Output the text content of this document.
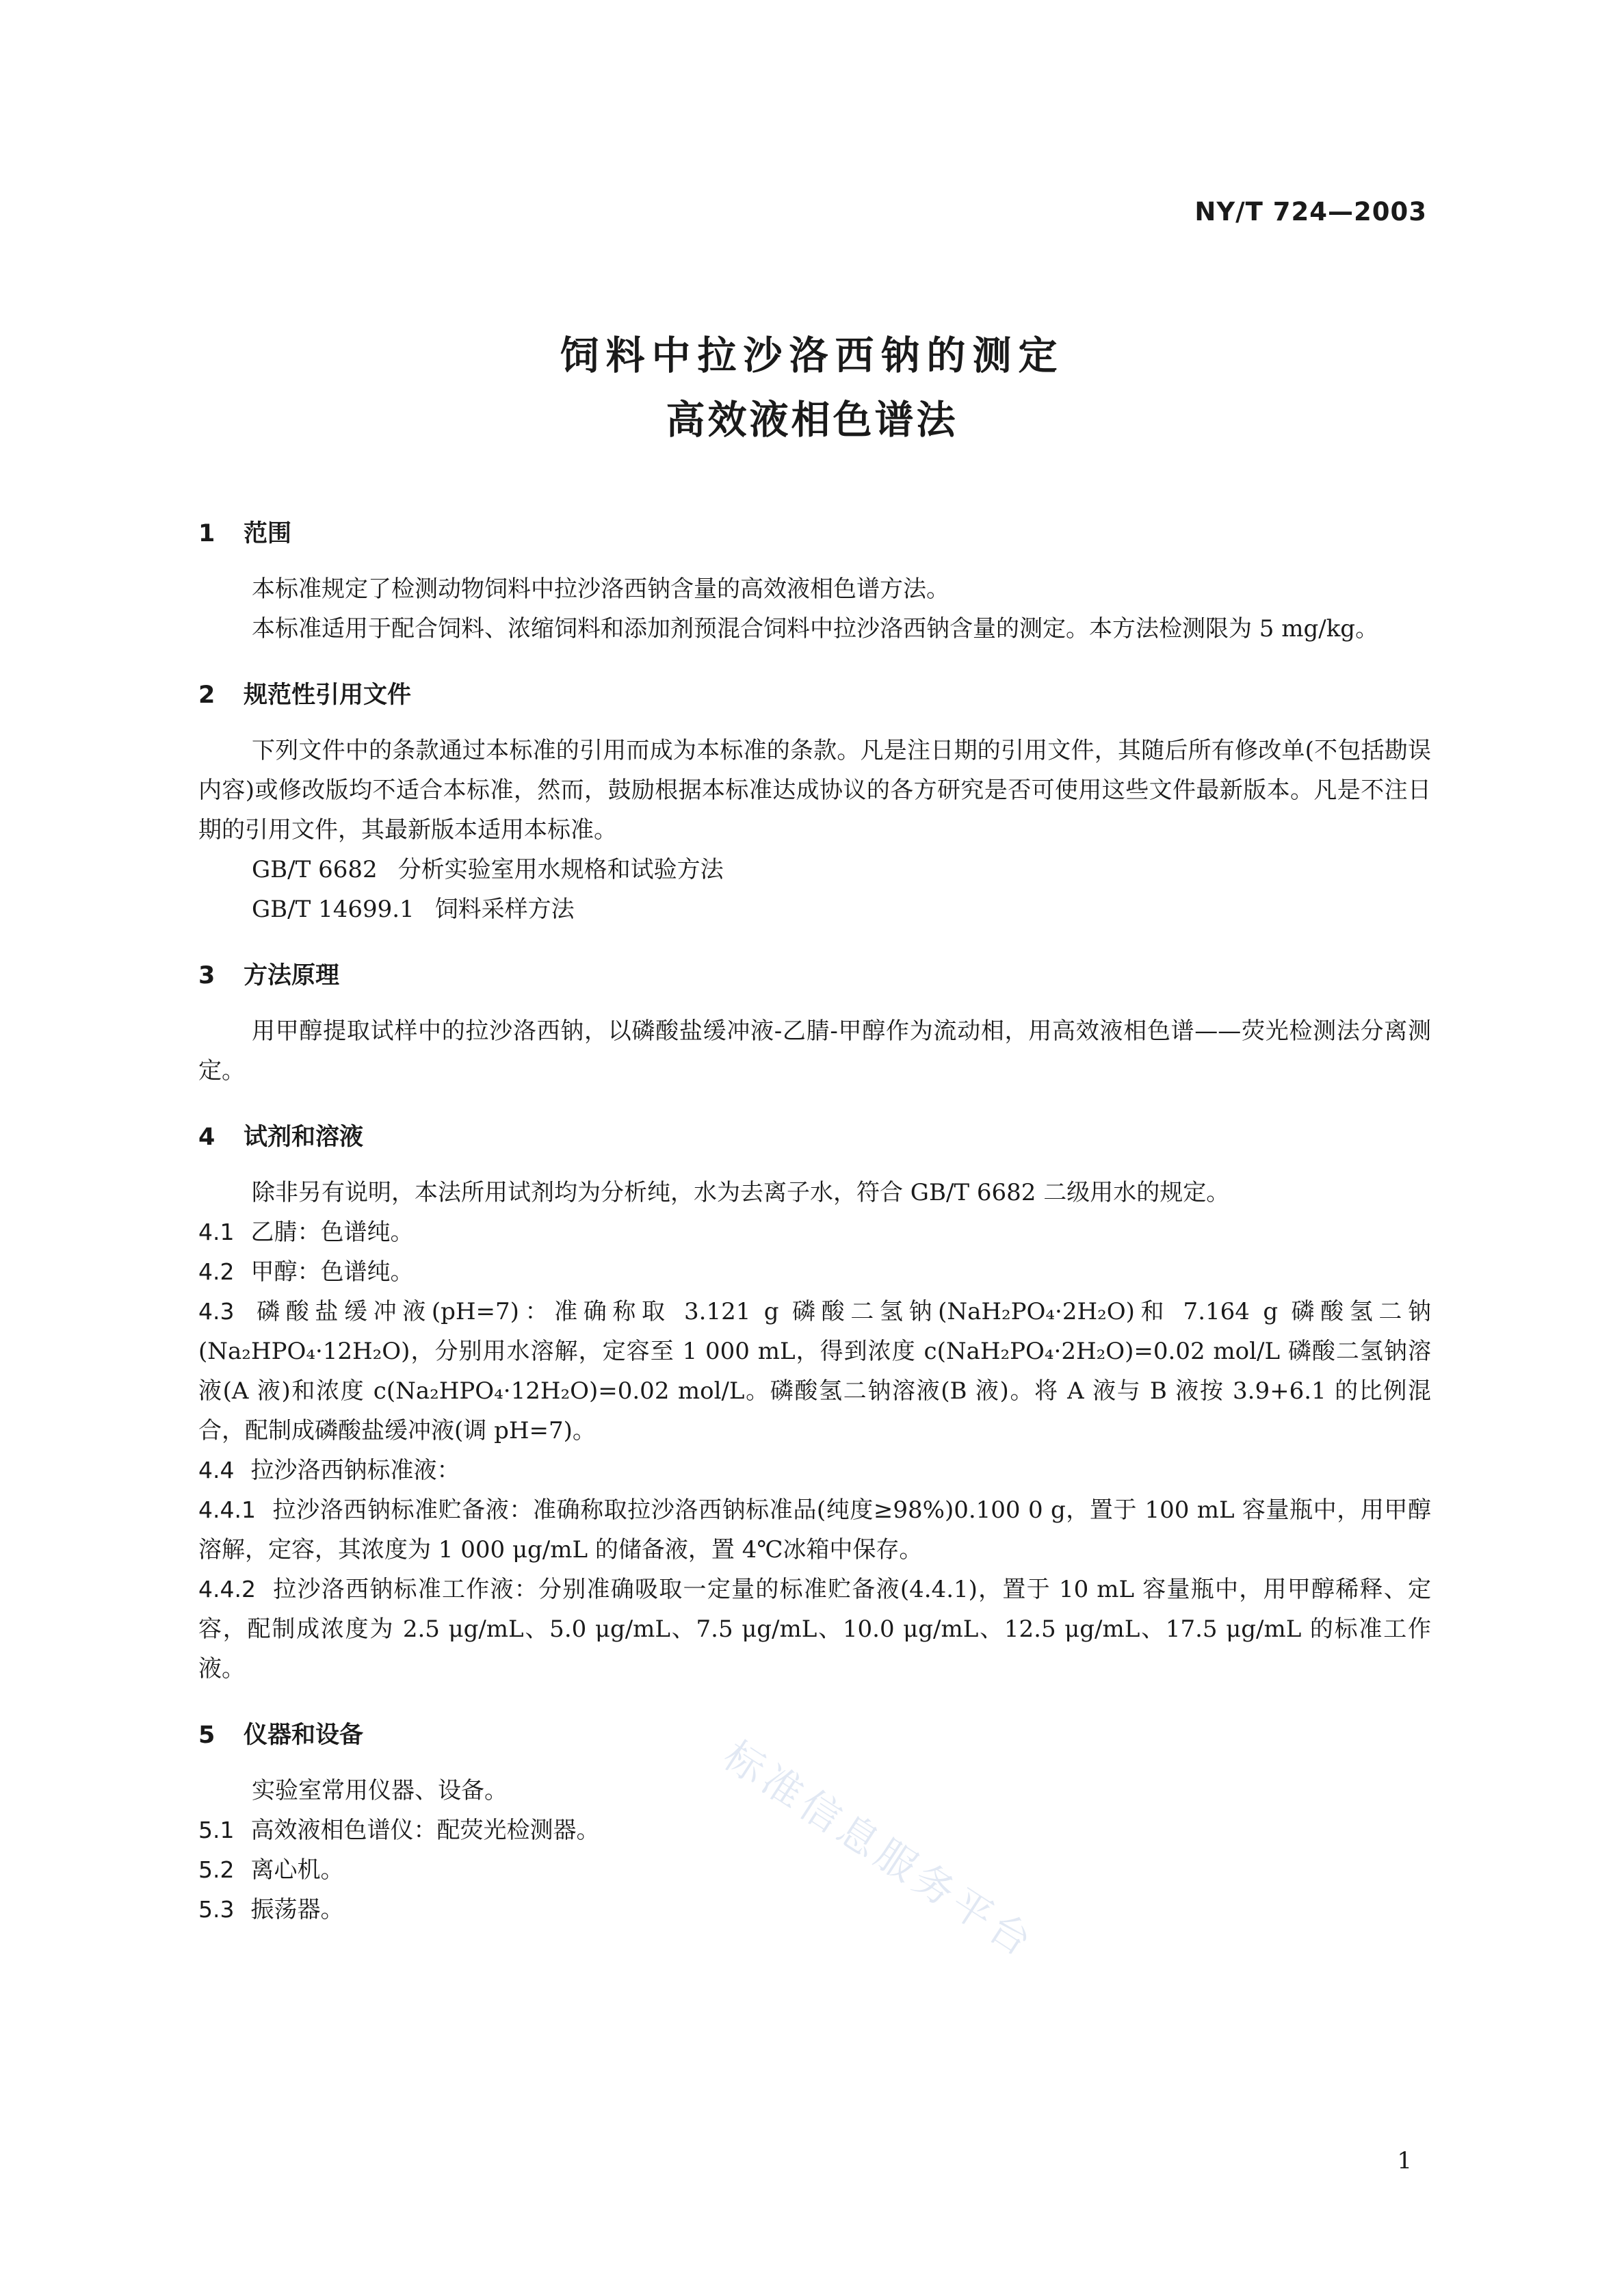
NY/T 724—2003
饲料中拉沙洛西钠的测定
高效液相色谱法
1 范围

本标准规定了检测动物饲料中拉沙洛西钠含量的高效液相色谱方法。

本标准适用于配合饲料、浓缩饲料和添加剂预混合饲料中拉沙洛西钠含量的测定。本方法检测限为 5 mg/kg。

2 规范性引用文件

下列文件中的条款通过本标准的引用而成为本标准的条款。凡是注日期的引用文件，其随后所有修改单(不包括勘误内容)或修改版均不适合本标准，然而，鼓励根据本标准达成协议的各方研究是否可使用这些文件最新版本。凡是不注日期的引用文件，其最新版本适用本标准。

GB/T 6682 分析实验室用水规格和试验方法
GB/T 14699.1 饲料采样方法
3 方法原理

用甲醇提取试样中的拉沙洛西钠，以磷酸盐缓冲液-乙腈-甲醇作为流动相，用高效液相色谱——荧光检测法分离测定。

4 试剂和溶液

除非另有说明，本法所用试剂均为分析纯，水为去离子水，符合 GB/T 6682 二级用水的规定。

4.1 乙腈：色谱纯。

4.2 甲醇：色谱纯。

4.3 磷酸盐缓冲液(pH=7)：准确称取 3.121 g 磷酸二氢钠(NaH₂PO₄·2H₂O)和 7.164 g 磷酸氢二钠(Na₂HPO₄·12H₂O)，分别用水溶解，定容至 1 000 mL，得到浓度 c(NaH₂PO₄·2H₂O)=0.02 mol/L 磷酸二氢钠溶液(A 液)和浓度 c(Na₂HPO₄·12H₂O)=0.02 mol/L。磷酸氢二钠溶液(B 液)。将 A 液与 B 液按 3.9+6.1 的比例混合，配制成磷酸盐缓冲液(调 pH=7)。

4.4 拉沙洛西钠标准液：

4.4.1 拉沙洛西钠标准贮备液：准确称取拉沙洛西钠标准品(纯度≥98%)0.100 0 g，置于 100 mL 容量瓶中，用甲醇溶解，定容，其浓度为 1 000 μg/mL 的储备液，置 4℃冰箱中保存。

4.4.2 拉沙洛西钠标准工作液：分别准确吸取一定量的标准贮备液(4.4.1)，置于 10 mL 容量瓶中，用甲醇稀释、定容，配制成浓度为 2.5 μg/mL、5.0 μg/mL、7.5 μg/mL、10.0 μg/mL、12.5 μg/mL、17.5 μg/mL 的标准工作液。

5 仪器和设备

实验室常用仪器、设备。

5.1 高效液相色谱仪：配荧光检测器。

5.2 离心机。

5.3 振荡器。	标准信息服务平台
1
